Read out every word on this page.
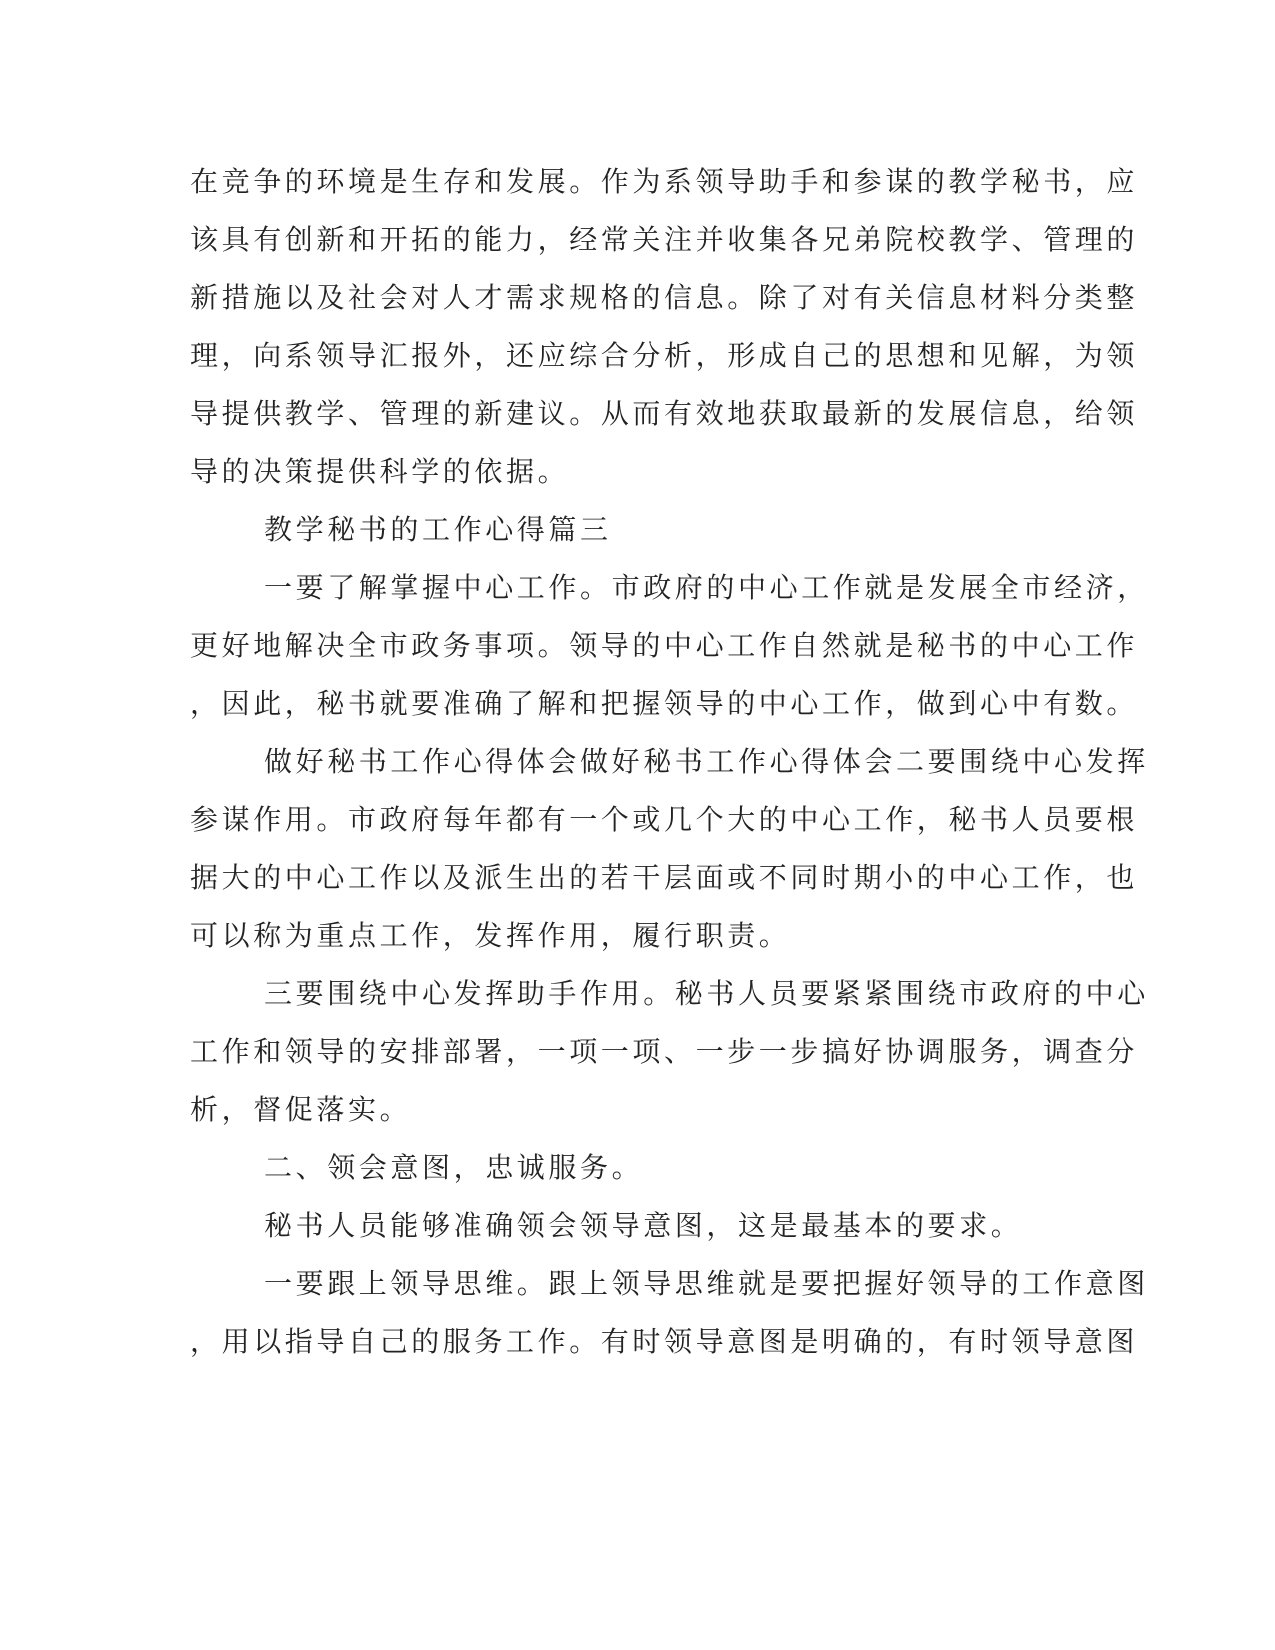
在竞争的环境是生存和发展。作为系领导助手和参谋的教学秘书，应
该具有创新和开拓的能力，经常关注并收集各兄弟院校教学、管理的
新措施以及社会对人才需求规格的信息。除了对有关信息材料分类整
理，向系领导汇报外，还应综合分析，形成自己的思想和见解，为领
导提供教学、管理的新建议。从而有效地获取最新的发展信息，给领
导的决策提供科学的依据。
教学秘书的工作心得篇三
一要了解掌握中心工作。市政府的中心工作就是发展全市经济，
更好地解决全市政务事项。领导的中心工作自然就是秘书的中心工作
，因此，秘书就要准确了解和把握领导的中心工作，做到心中有数。
做好秘书工作心得体会做好秘书工作心得体会二要围绕中心发挥
参谋作用。市政府每年都有一个或几个大的中心工作，秘书人员要根
据大的中心工作以及派生出的若干层面或不同时期小的中心工作，也
可以称为重点工作，发挥作用，履行职责。
三要围绕中心发挥助手作用。秘书人员要紧紧围绕市政府的中心
工作和领导的安排部署，一项一项、一步一步搞好协调服务，调查分
析，督促落实。
二、领会意图，忠诚服务。
秘书人员能够准确领会领导意图，这是最基本的要求。
一要跟上领导思维。跟上领导思维就是要把握好领导的工作意图
，用以指导自己的服务工作。有时领导意图是明确的，有时领导意图
